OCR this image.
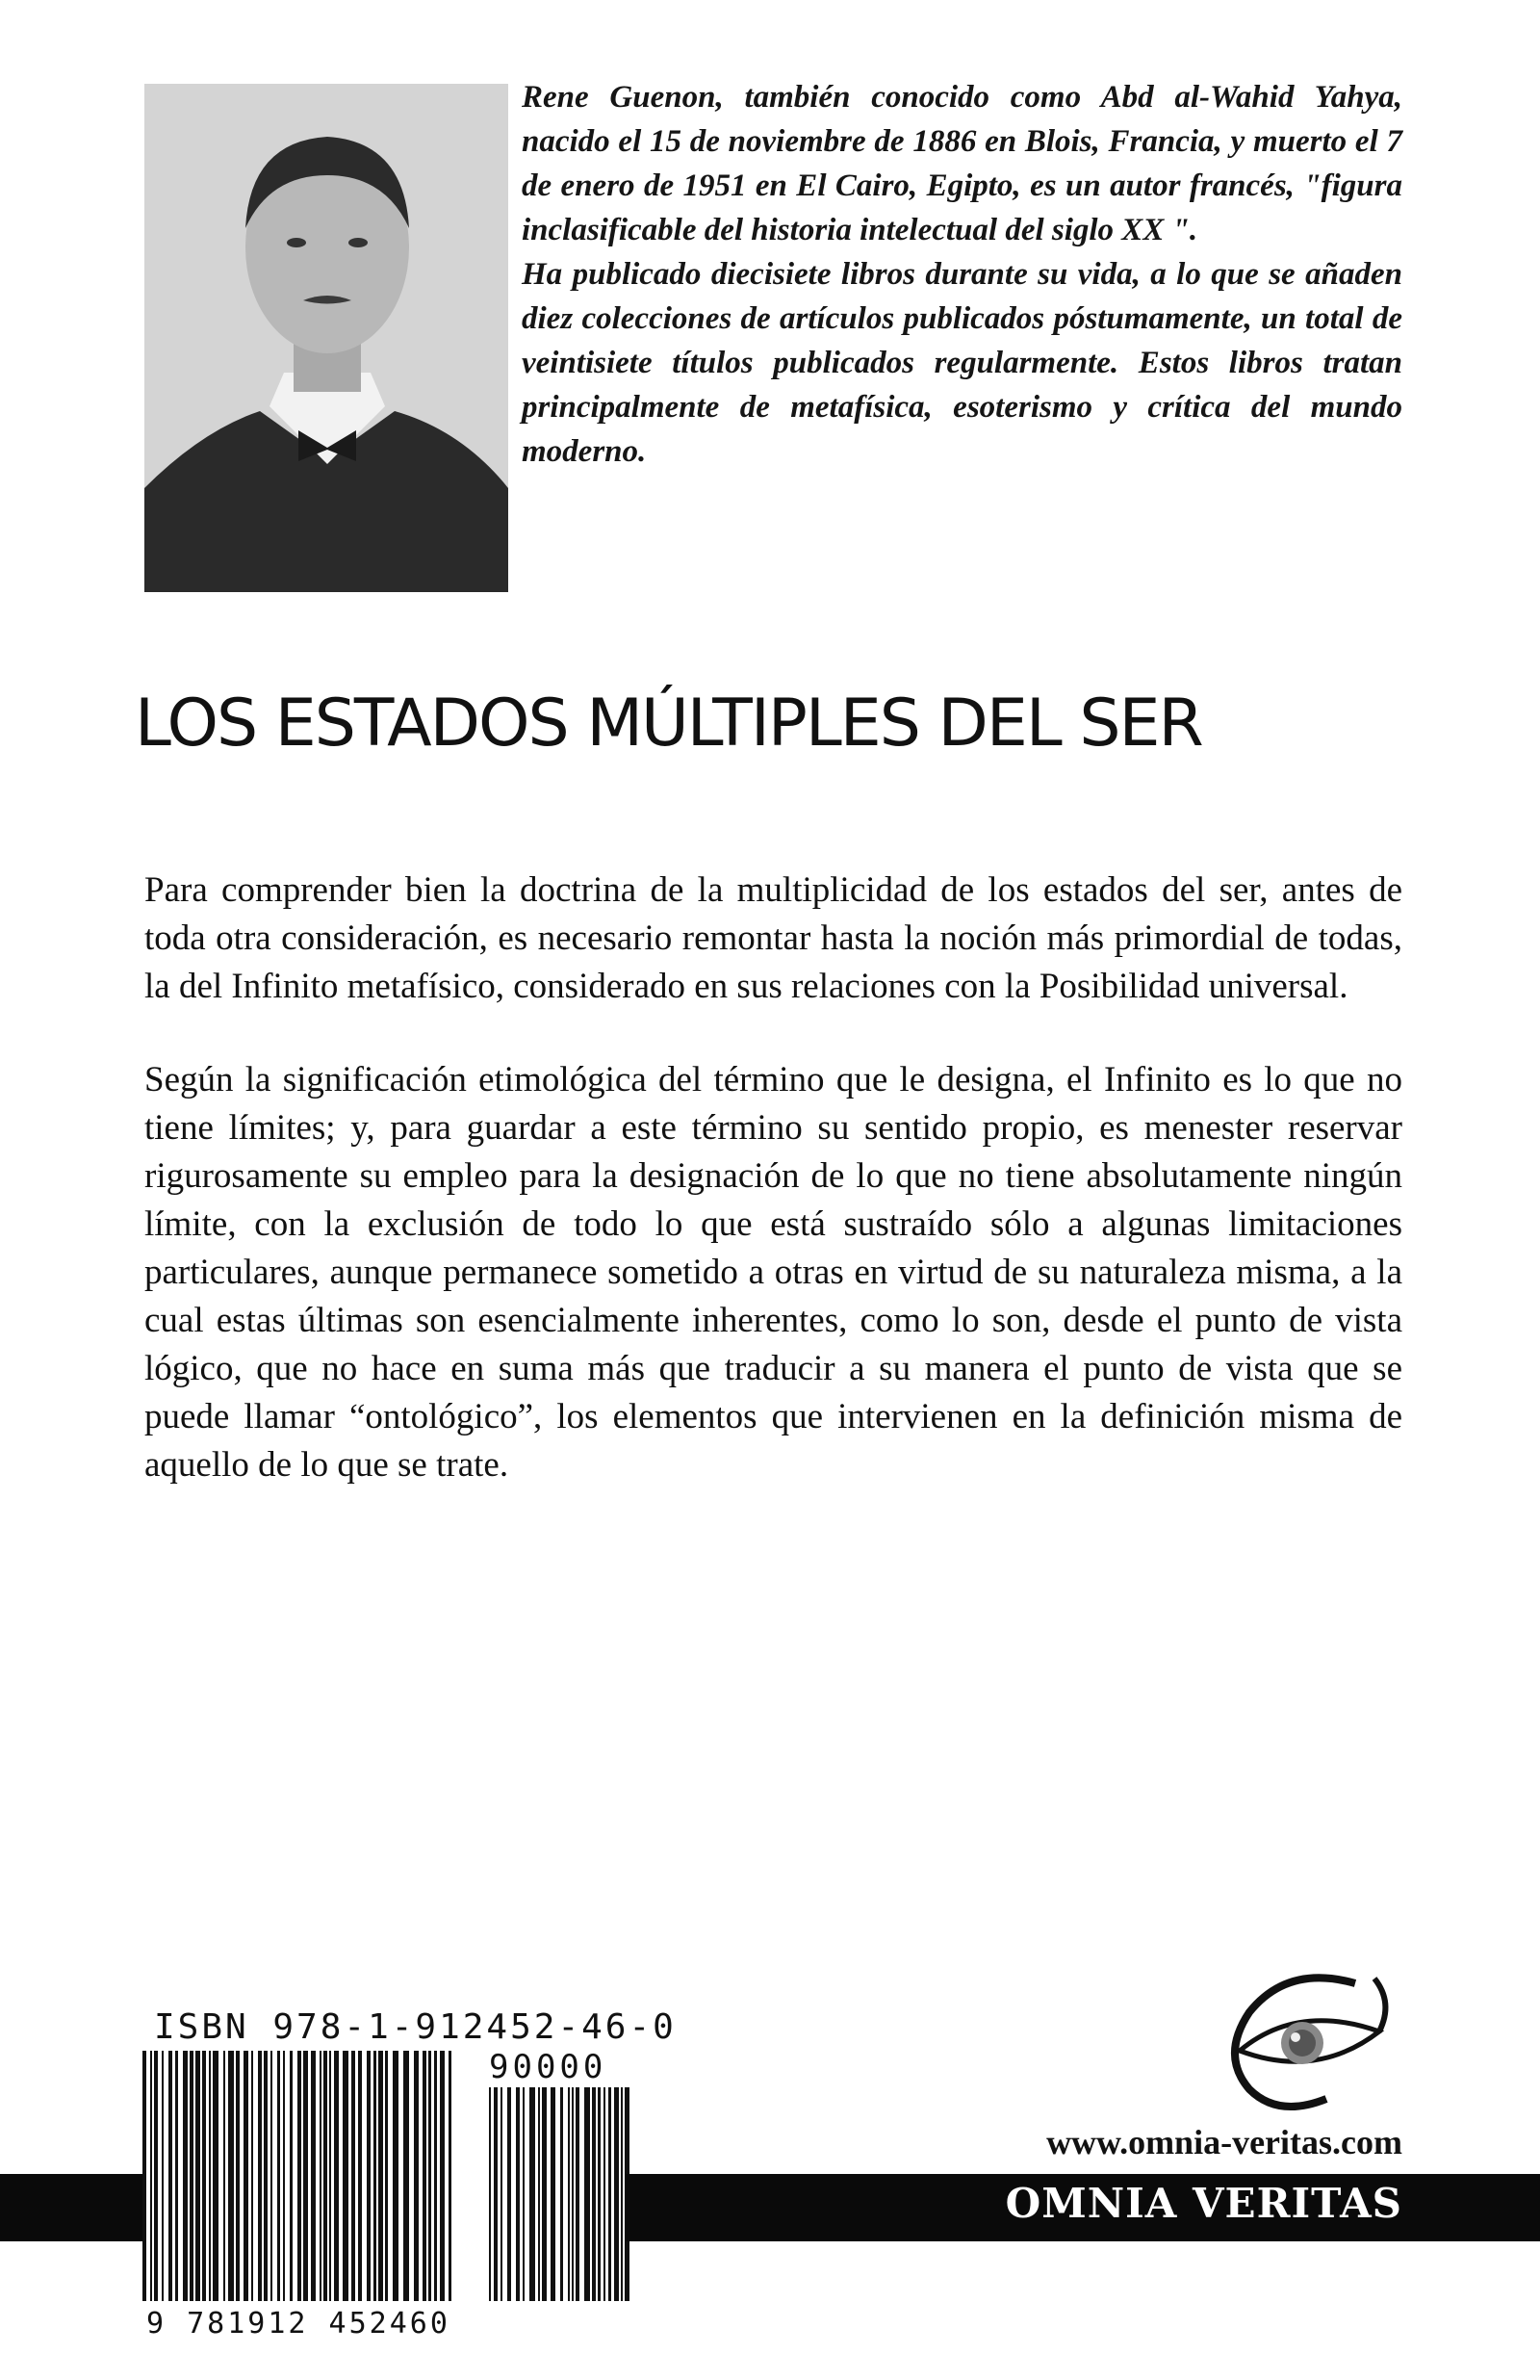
Rene Guenon, también conocido como Abd al-Wahid Yahya, nacido el 15 de noviembre de 1886 en Blois, Francia, y muerto el 7 de enero de 1951 en El Cairo, Egipto, es un autor francés, "figura inclasificable del historia intelectual del siglo XX ".

Ha publicado diecisiete libros durante su vida, a lo que se añaden diez colecciones de artículos publicados póstumamente, un total de veintisiete títulos publicados regularmente. Estos libros tratan principalmente de metafísica, esoterismo y crítica del mundo moderno.

LOS ESTADOS MÚLTIPLES DEL SER

Para comprender bien la doctrina de la multiplicidad de los estados del ser, antes de toda otra consideración, es necesario remontar hasta la noción más primordial de todas, la del Infinito metafísico, considerado en sus relaciones con la Posibilidad universal.

Según la significación etimológica del término que le designa, el Infinito es lo que no tiene límites; y, para guardar a este término su sentido propio, es menester reservar rigurosamente su empleo para la designación de lo que no tiene absolutamente ningún límite, con la exclusión de todo lo que está sustraído sólo a algunas limitaciones particulares, aunque permanece sometido a otras en virtud de su naturaleza misma, a la cual estas últimas son esencialmente inherentes, como lo son, desde el punto de vista lógico, que no hace en suma más que traducir a su manera el punto de vista que se puede llamar “ontológico”, los elementos que intervienen en la definición misma de aquello de lo que se trate.

ISBN 978-1-912452-46-0
90000
9 781912 452460
www.omnia-veritas.com
OMNIA VERITAS
